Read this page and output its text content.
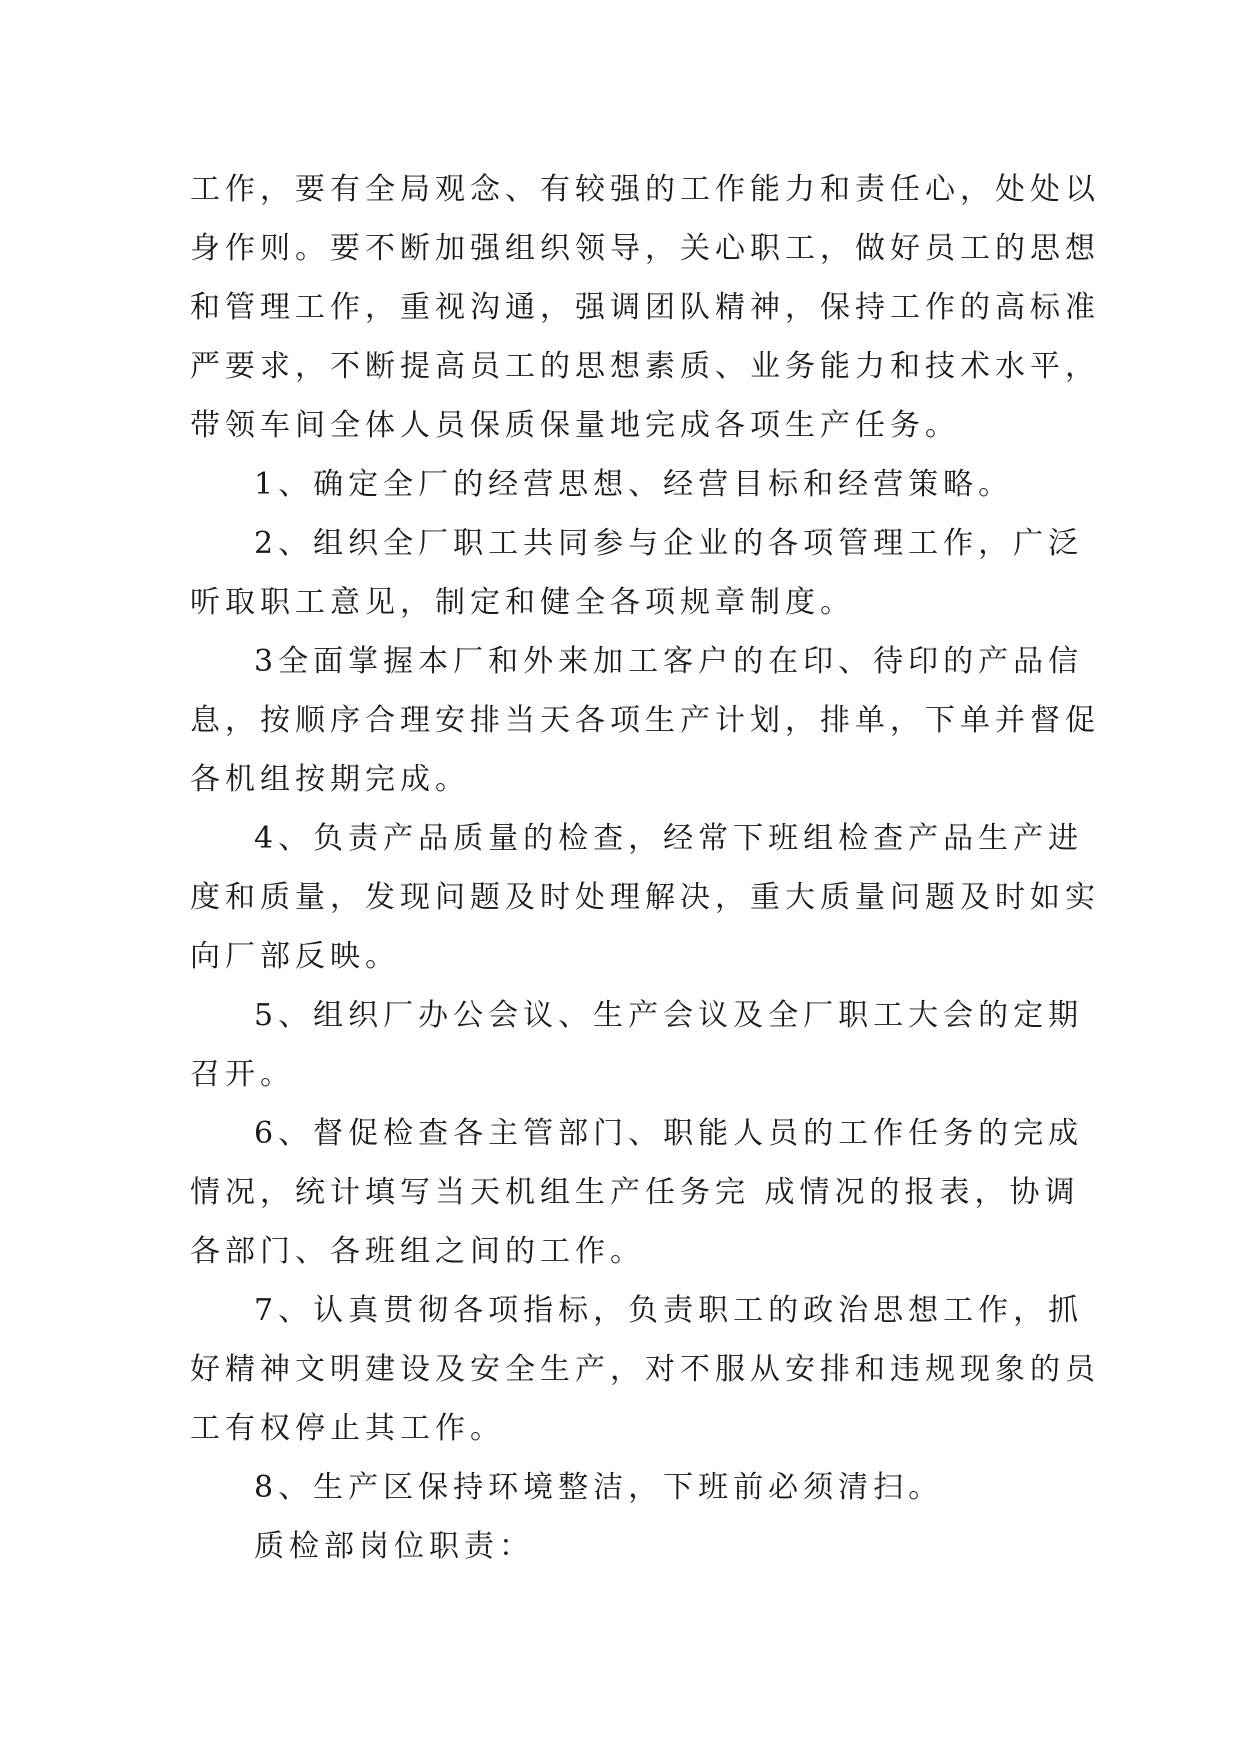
工作，要有全局观念、有较强的工作能力和责任心，处处以
身作则。要不断加强组织领导，关心职工，做好员工的思想
和管理工作，重视沟通，强调团队精神，保持工作的高标准
严要求，不断提高员工的思想素质、业务能力和技术水平，
带领车间全体人员保质保量地完成各项生产任务。
1、确定全厂的经营思想、经营目标和经营策略。
2、组织全厂职工共同参与企业的各项管理工作，广泛
听取职工意见，制定和健全各项规章制度。
3全面掌握本厂和外来加工客户的在印、待印的产品信
息，按顺序合理安排当天各项生产计划，排单，下单并督促
各机组按期完成。
4、负责产品质量的检查，经常下班组检查产品生产进
度和质量，发现问题及时处理解决，重大质量问题及时如实
向厂部反映。
5、组织厂办公会议、生产会议及全厂职工大会的定期
召开。
6、督促检查各主管部门、职能人员的工作任务的完成
情况，统计填写当天机组生产任务完 成情况的报表，协调
各部门、各班组之间的工作。
7、认真贯彻各项指标，负责职工的政治思想工作，抓
好精神文明建设及安全生产，对不服从安排和违规现象的员
工有权停止其工作。
8、生产区保持环境整洁，下班前必须清扫。
质检部岗位职责：
